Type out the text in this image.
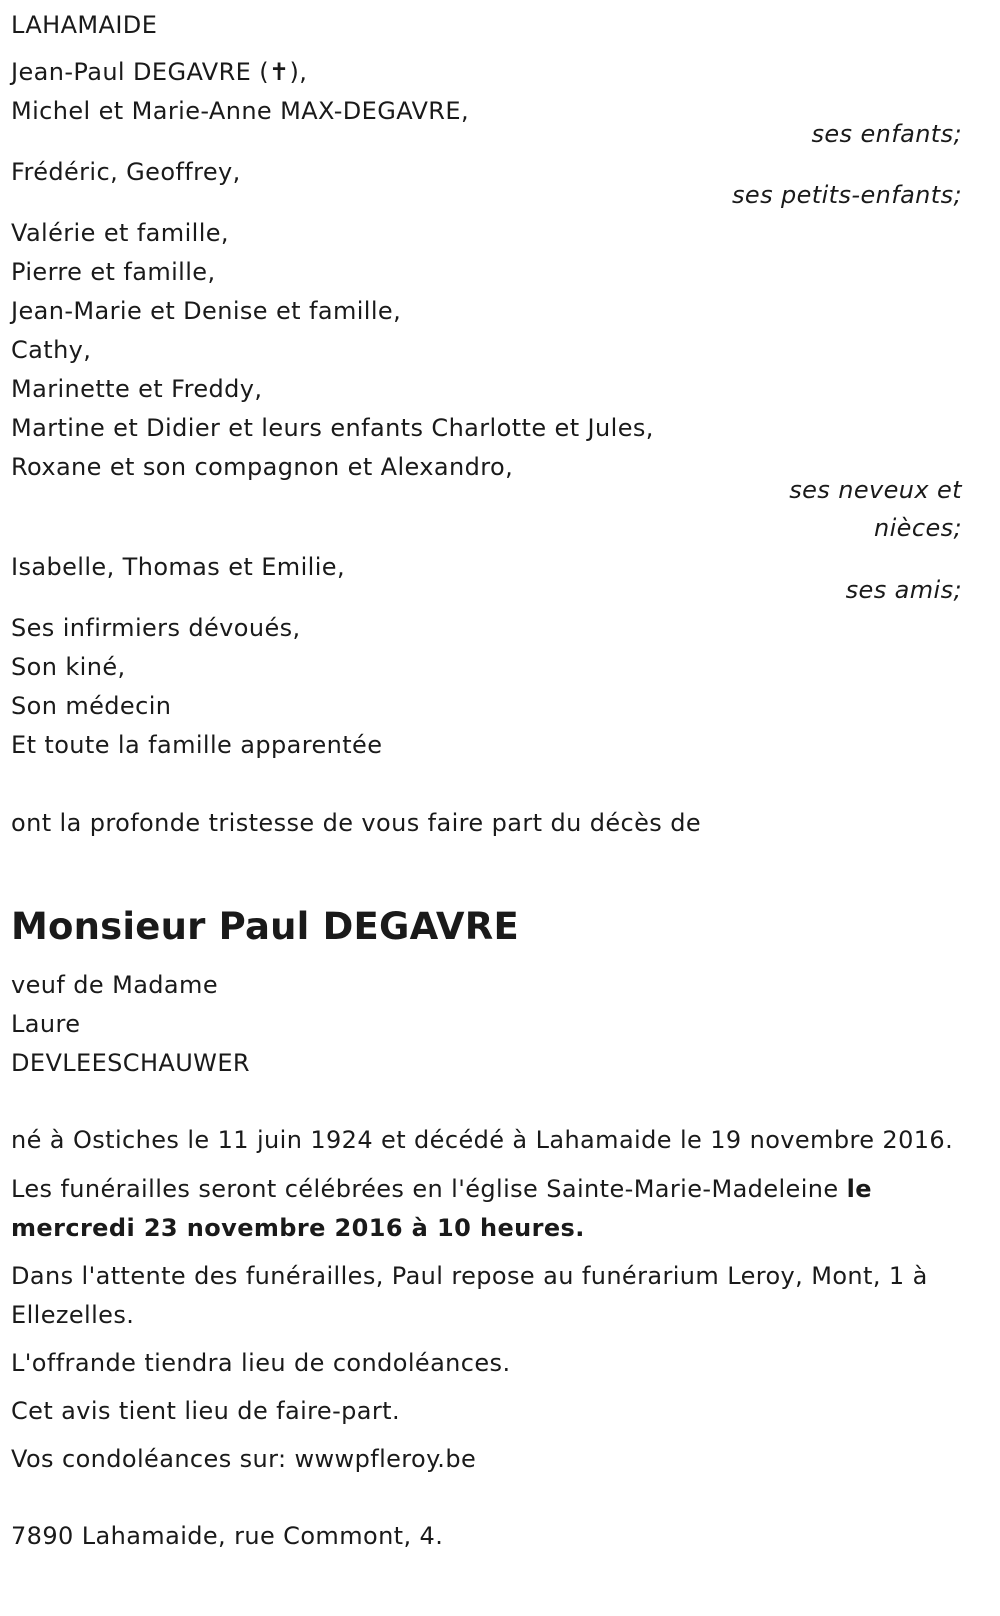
LAHAMAIDE
Jean-Paul DEGAVRE (✝),
Michel et Marie-Anne MAX-DEGAVRE,
ses enfants;
Frédéric, Geoffrey,
ses petits-enfants;
Valérie et famille,
Pierre et famille,
Jean-Marie et Denise et famille,
Cathy,
Marinette et Freddy,
Martine et Didier et leurs enfants Charlotte et Jules,
Roxane et son compagnon et Alexandro,
ses neveux et
nièces;
Isabelle, Thomas et Emilie,
ses amis;
Ses infirmiers dévoués,
Son kiné,
Son médecin
Et toute la famille apparentée
ont la profonde tristesse de vous faire part du décès de
Monsieur Paul DEGAVRE
veuf de Madame
Laure
DEVLEESCHAUWER
né à Ostiches le 11 juin 1924 et décédé à Lahamaide le 19 novembre 2016.
Les funérailles seront célébrées en l'église Sainte-Marie-Madeleine le
mercredi 23 novembre 2016 à 10 heures.
Dans l'attente des funérailles, Paul repose au funérarium Leroy, Mont, 1 à
Ellezelles.
L'offrande tiendra lieu de condoléances.
Cet avis tient lieu de faire-part.
Vos condoléances sur: wwwpfleroy.be
7890 Lahamaide, rue Commont, 4.
